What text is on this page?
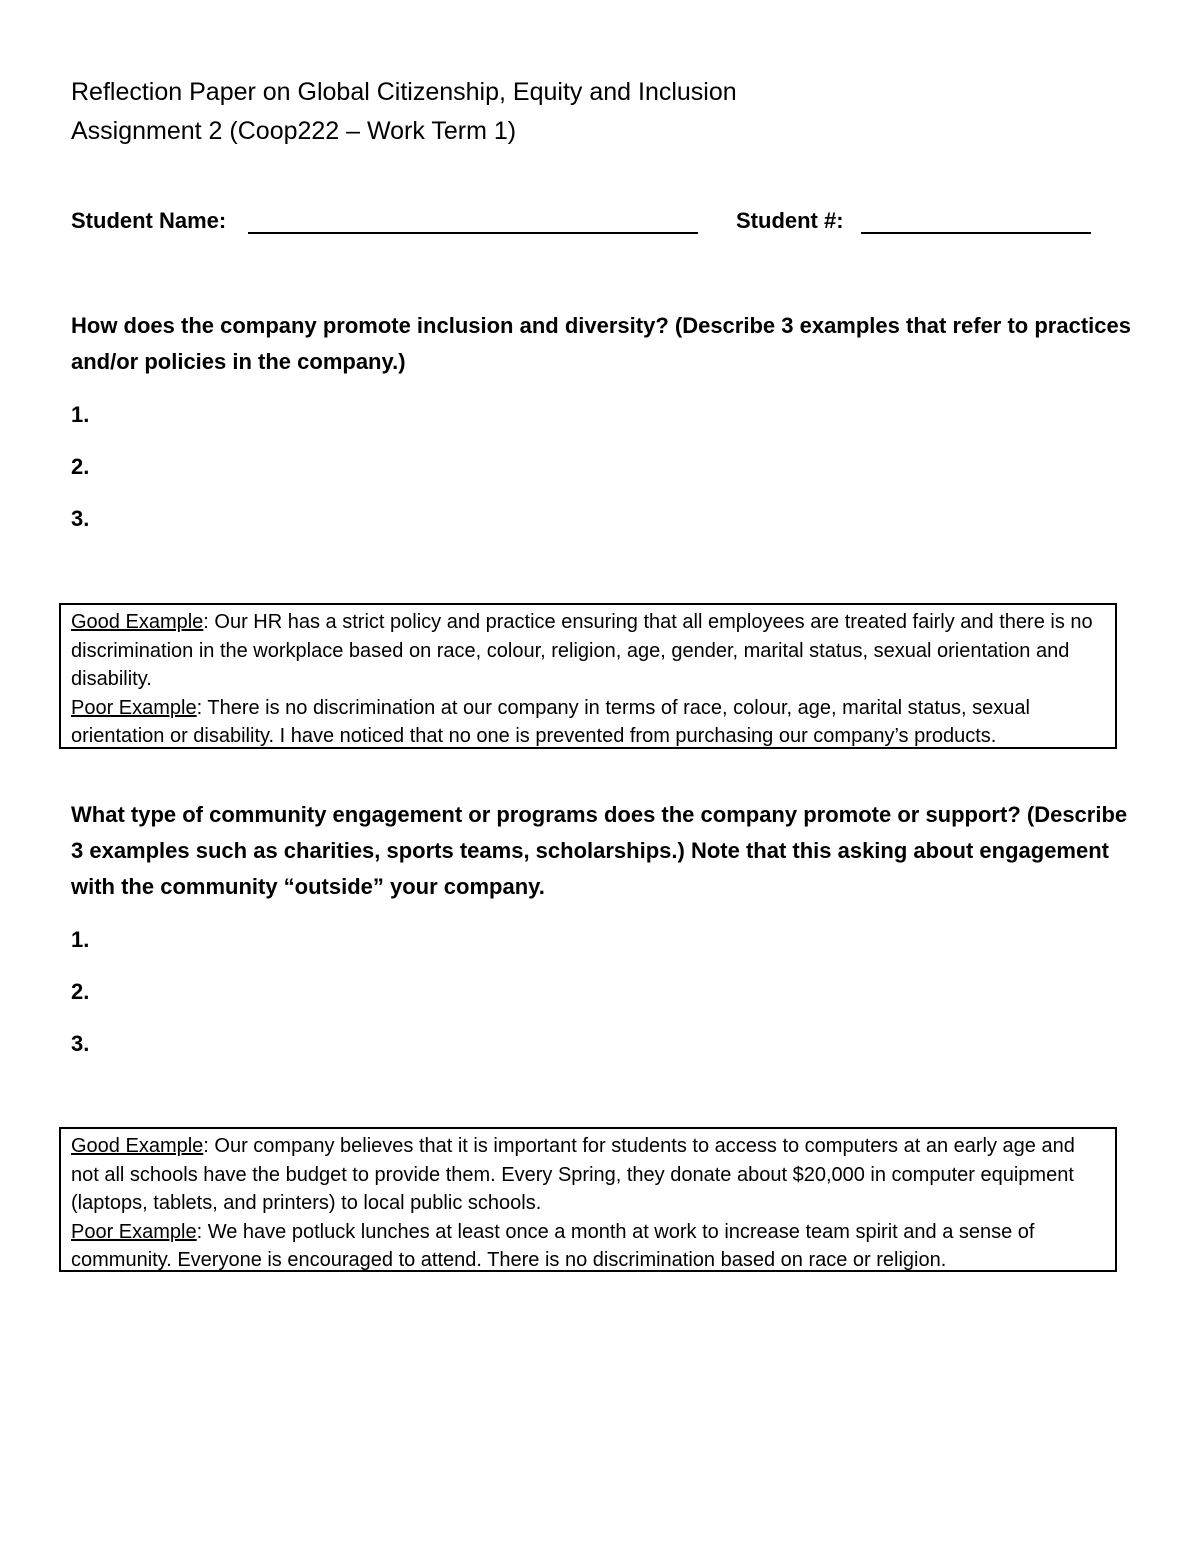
Reflection Paper on Global Citizenship, Equity and Inclusion
Assignment 2 (Coop222 – Work Term 1)
Student Name:	Student #:
How does the company promote inclusion and diversity? (Describe 3 examples that refer to practices and/or policies in the company.)
1.
2.
3.
Good Example: Our HR has a strict policy and practice ensuring that all employees are treated fairly and there is no discrimination in the workplace based on race, colour, religion, age, gender, marital status, sexual orientation and disability.
Poor Example: There is no discrimination at our company in terms of race, colour, age, marital status, sexual orientation or disability. I have noticed that no one is prevented from purchasing our company’s products.
What type of community engagement or programs does the company promote or support? (Describe 3 examples such as charities, sports teams, scholarships.) Note that this asking about engagement with the community “outside” your company.
1.
2.
3.
Good Example: Our company believes that it is important for students to access to computers at an early age and not all schools have the budget to provide them. Every Spring, they donate about $20,000 in computer equipment (laptops, tablets, and printers) to local public schools.
Poor Example: We have potluck lunches at least once a month at work to increase team spirit and a sense of community. Everyone is encouraged to attend. There is no discrimination based on race or religion.
